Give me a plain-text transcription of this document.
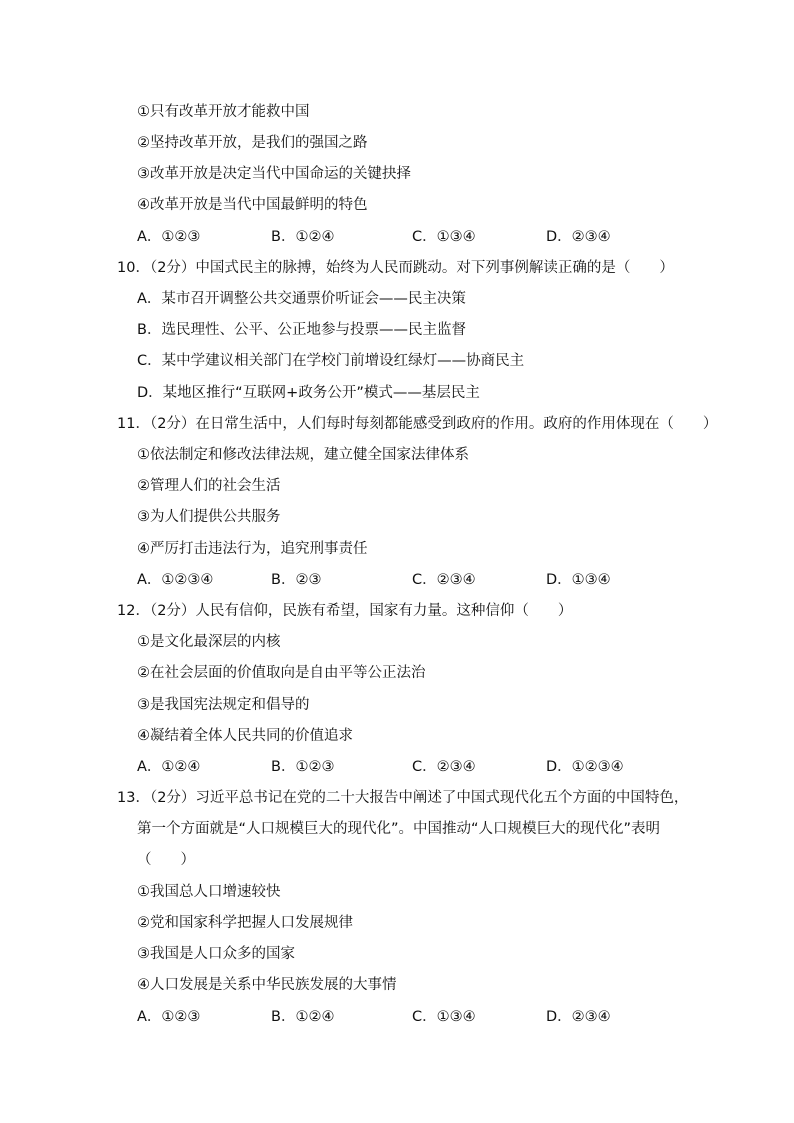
①只有改革开放才能救中国
②坚持改革开放，是我们的强国之路
③改革开放是决定当代中国命运的关键抉择
④改革开放是当代中国最鲜明的特色
A．①②③	B．①②④	C．①③④	D．②③④
10．（2分）中国式民主的脉搏，始终为人民而跳动。对下列事例解读正确的是（　　）
A．某市召开调整公共交通票价听证会——民主决策
B．选民理性、公平、公正地参与投票——民主监督
C．某中学建议相关部门在学校门前增设红绿灯——协商民主
D．某地区推行“互联网+政务公开”模式——基层民主
11．（2分）在日常生活中，人们每时每刻都能感受到政府的作用。政府的作用体现在（　　）
①依法制定和修改法律法规，建立健全国家法律体系
②管理人们的社会生活
③为人们提供公共服务
④严厉打击违法行为，追究刑事责任
A．①②③④	B．②③	C．②③④	D．①③④
12．（2分）人民有信仰，民族有希望，国家有力量。这种信仰（　　）
①是文化最深层的内核
②在社会层面的价值取向是自由平等公正法治
③是我国宪法规定和倡导的
④凝结着全体人民共同的价值追求
A．①②④	B．①②③	C．②③④	D．①②③④
13．（2分）习近平总书记在党的二十大报告中阐述了中国式现代化五个方面的中国特色，
第一个方面就是“人口规模巨大的现代化”。中国推动“人口规模巨大的现代化”表明
（　　）
①我国总人口增速较快
②党和国家科学把握人口发展规律
③我国是人口众多的国家
④人口发展是关系中华民族发展的大事情
A．①②③	B．①②④	C．①③④	D．②③④
